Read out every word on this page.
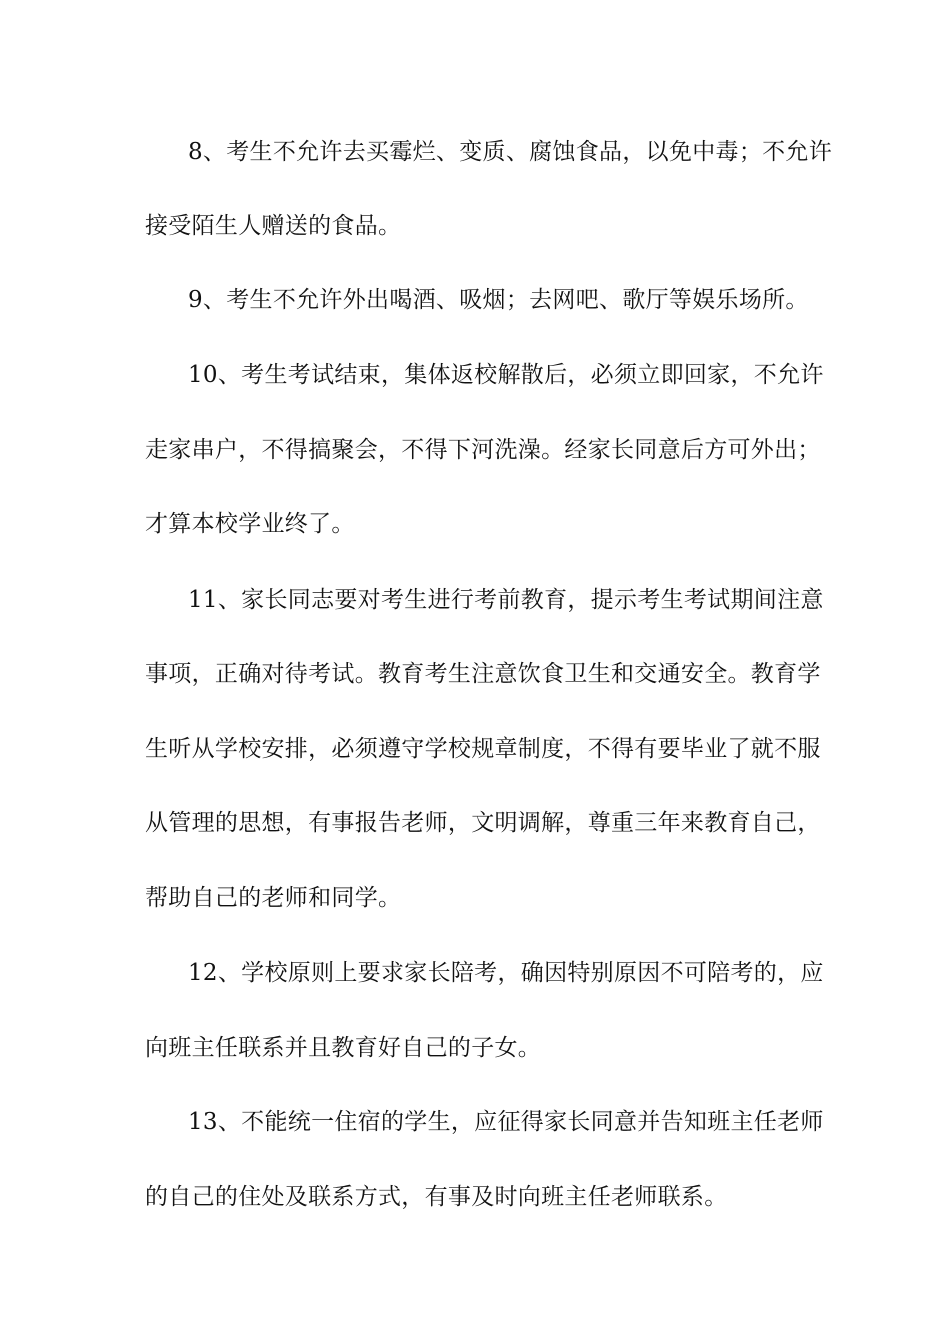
8、考生不允许去买霉烂、变质、腐蚀食品，以免中毒；不允许
接受陌生人赠送的食品。
9、考生不允许外出喝酒、吸烟；去网吧、歌厅等娱乐场所。
10、考生考试结束，集体返校解散后，必须立即回家，不允许
走家串户，不得搞聚会，不得下河洗澡。经家长同意后方可外出；
才算本校学业终了。
11、家长同志要对考生进行考前教育，提示考生考试期间注意
事项，正确对待考试。教育考生注意饮食卫生和交通安全。教育学
生听从学校安排，必须遵守学校规章制度，不得有要毕业了就不服
从管理的思想，有事报告老师，文明调解，尊重三年来教育自己，
帮助自己的老师和同学。
12、学校原则上要求家长陪考，确因特别原因不可陪考的，应
向班主任联系并且教育好自己的子女。
13、不能统一住宿的学生，应征得家长同意并告知班主任老师
的自己的住处及联系方式，有事及时向班主任老师联系。
